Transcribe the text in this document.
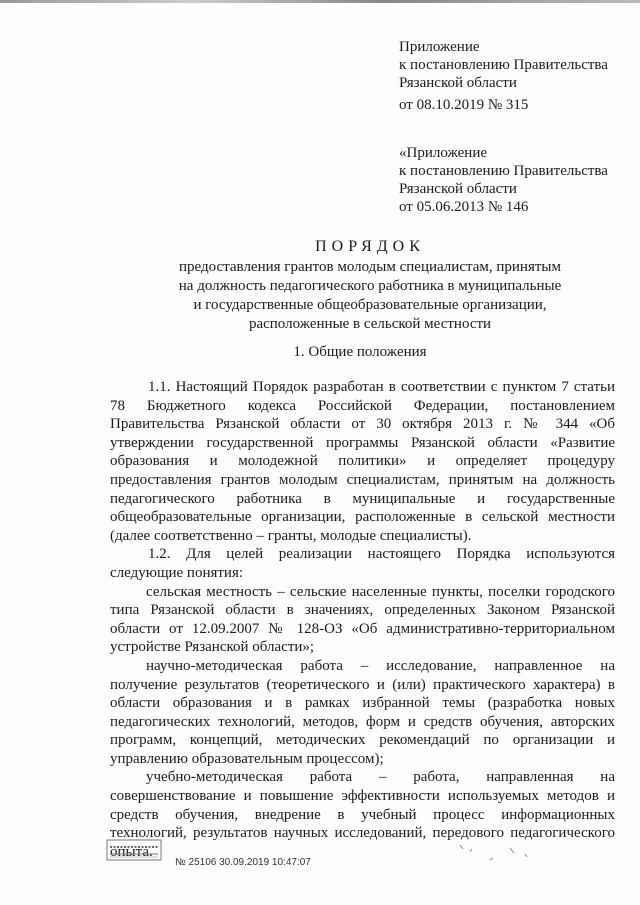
Приложение
к постановлению Правительства
Рязанской области
от 08.10.2019 № 315
«Приложение
к постановлению Правительства
Рязанской области
от 05.06.2013 № 146
ПОРЯДОК
предоставления грантов молодым специалистам, принятым
на должность педагогического работника в муниципальные
и государственные общеобразовательные организации,
расположенные в сельской местности
1. Общие положения

1.1. Настоящий Порядок разработан в соответствии с пунктом 7 статьи 78 Бюджетного кодекса Российской Федерации, постановлением Правительства Рязанской области от 30 октября 2013 г. № 344 «Об утверждении государственной программы Рязанской области «Развитие образования и молодежной политики» и определяет процедуру предоставления грантов молодым специалистам, принятым на должность педагогического работника в муниципальные и государственные общеобразовательные организации, расположенные в сельской местности (далее соответственно – гранты, молодые специалисты).

1.2. Для целей реализации настоящего Порядка используются следующие понятия:

сельская местность – сельские населенные пункты, поселки городского типа Рязанской области в значениях, определенных Законом Рязанской области от 12.09.2007 № 128-ОЗ «Об административно-территориальном устройстве Рязанской области»;

научно-методическая работа – исследование, направленное на получение результатов (теоретического и (или) практического характера) в области образования и в рамках избранной темы (разработка новых педагогических технологий, методов, форм и средств обучения, авторских программ, концепций, методических рекомендаций по организации и управлению образовательным процессом);

учебно-методическая работа – работа, направленная на совершенствование и повышение эффективности используемых методов и средств обучения, внедрение в учебный процесс информационных технологий, результатов научных исследований, передового педагогического опыта.

№ 25106 30.09.2019 10:47:07
